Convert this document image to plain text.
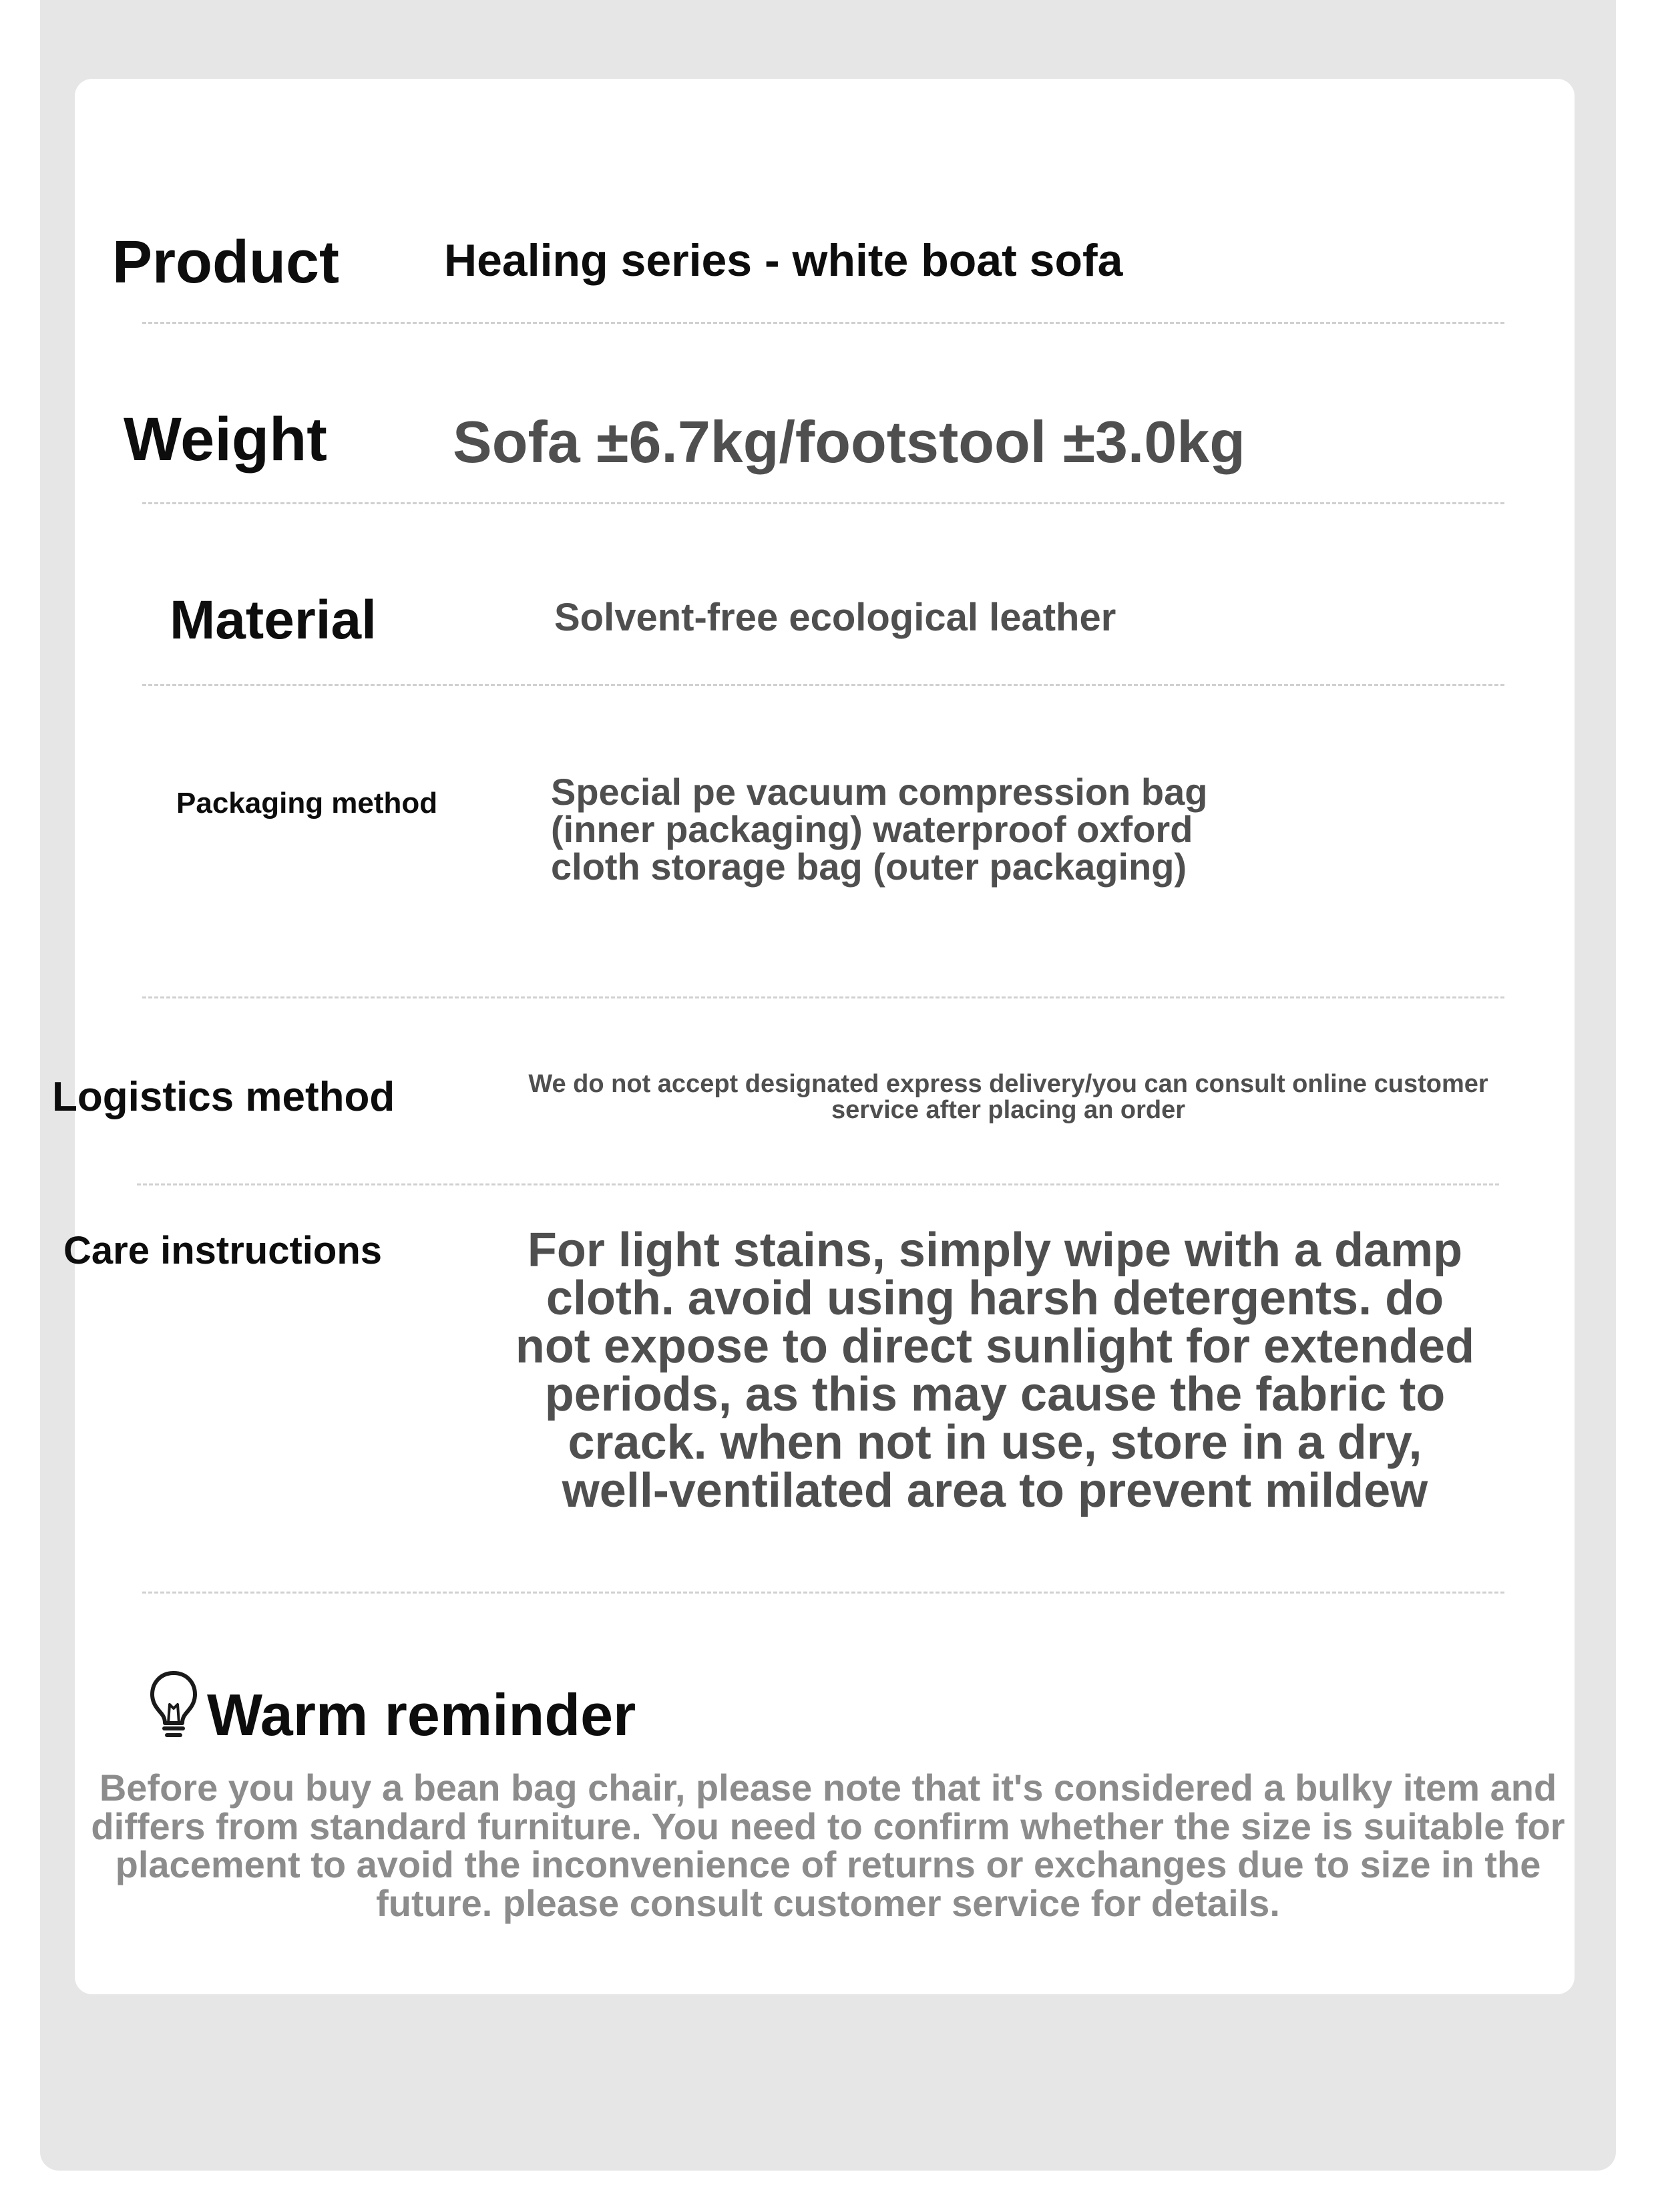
Product Healing series - white boat sofa

Weight Sofa ±6.7kg/footstool ±3.0kg

Material	Solvent-free ecological leather

Packaging method	Special pe vacuum compression bag
(inner packaging) waterproof oxford
cloth storage bag (outer packaging)

Logistics method	We do not accept designated express delivery/you can consult online customer
service after placing an order

Care instructions	For light stains, simply wipe with a damp
cloth. avoid using harsh detergents. do
not expose to direct sunlight for extended
periods, as this may cause the fabric to
crack. when not in use, store in a dry,
well-ventilated area to prevent mildew

Warm reminder

Before you buy a bean bag chair, please note that it's considered a bulky item and
differs from standard furniture. You need to confirm whether the size is suitable for
placement to avoid the inconvenience of returns or exchanges due to size in the
future. please consult customer service for details.
